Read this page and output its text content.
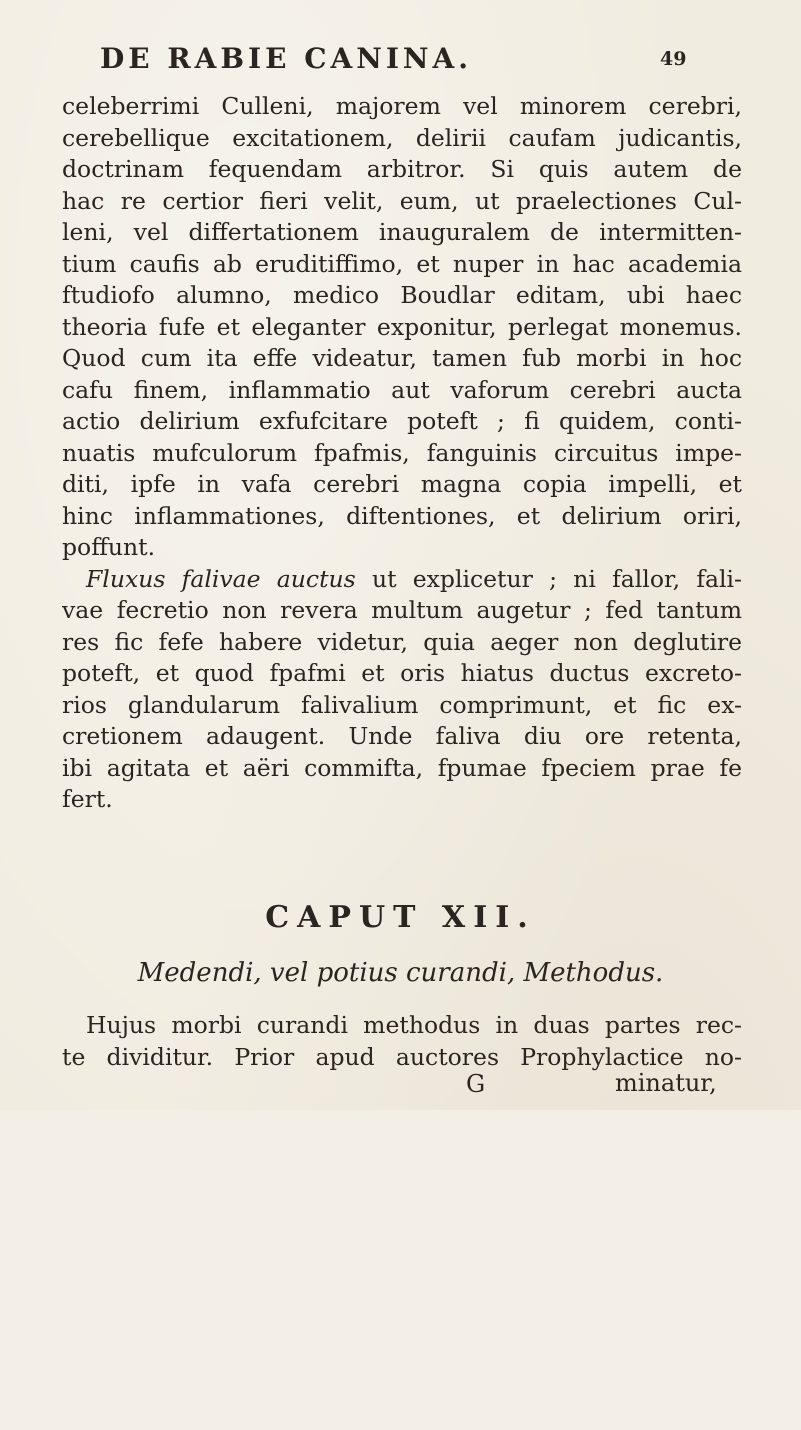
DE RABIE CANINA.	49
celeberrimi Culleni, majorem vel minorem cerebri,
cerebellique excitationem, delirii caufam judicantis,
doctrinam fequendam arbitror. Si quis autem de
hac re certior fieri velit, eum, ut praelectiones Cul-
leni, vel differtationem inauguralem de intermitten-
tium caufis ab eruditiffimo, et nuper in hac academia
ftudiofo alumno, medico Boudlar editam, ubi haec
theoria fufe et eleganter exponitur, perlegat monemus.
Quod cum ita effe videatur, tamen fub morbi in hoc
cafu finem, inflammatio aut vaforum cerebri aucta
actio delirium exfufcitare poteft ; fi quidem, conti-
nuatis mufculorum fpafmis, fanguinis circuitus impe-
diti, ipfe in vafa cerebri magna copia impelli, et
hinc inflammationes, diftentiones, et delirium oriri,
poffunt.
Fluxus falivae auctus ut explicetur ; ni fallor, fali-
vae fecretio non revera multum augetur ; fed tantum
res fic fefe habere videtur, quia aeger non deglutire
poteft, et quod fpafmi et oris hiatus ductus excreto-
rios glandularum falivalium comprimunt, et fic ex-
cretionem adaugent. Unde faliva diu ore retenta,
ibi agitata et aëri commifta, fpumae fpeciem prae fe
fert.
CAPUT XII.
Medendi, vel potius curandi, Methodus.
Hujus morbi curandi methodus in duas partes rec-
te dividitur. Prior apud auctores Prophylactice no-
G	minatur,
